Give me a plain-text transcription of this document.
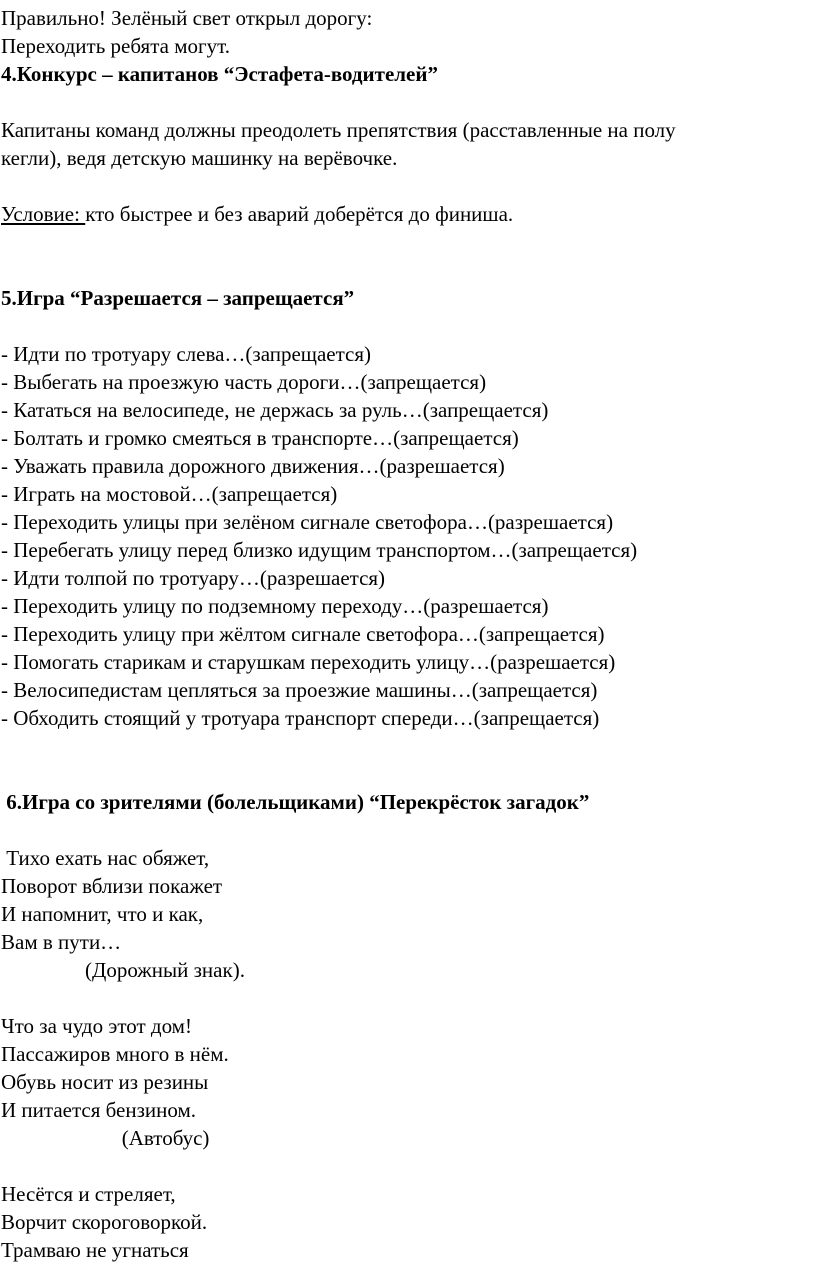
Правильно! Зелёный свет открыл дорогу:

Переходить ребята могут.

4.Конкурс – капитанов “Эстафета-водителей”

Капитаны команд должны преодолеть препятствия (расставленные на полу

кегли), ведя детскую машинку на верёвочке.

Условие: кто быстрее и без аварий доберётся до финиша.

5.Игра “Разрешается – запрещается”

- Идти по тротуару слева…(запрещается)

- Выбегать на проезжую часть дороги…(запрещается)

- Кататься на велосипеде, не держась за руль…(запрещается)

- Болтать и громко смеяться в транспорте…(запрещается)

- Уважать правила дорожного движения…(разрешается)

- Играть на мостовой…(запрещается)

- Переходить улицы при зелёном сигнале светофора…(разрешается)

- Перебегать улицу перед близко идущим транспортом…(запрещается)

- Идти толпой по тротуару…(разрешается)

- Переходить улицу по подземному переходу…(разрешается)

- Переходить улицу при жёлтом сигнале светофора…(запрещается)

- Помогать старикам и старушкам переходить улицу…(разрешается)

- Велосипедистам цепляться за проезжие машины…(запрещается)

- Обходить стоящий у тротуара транспорт спереди…(запрещается)

6.Игра со зрителями (болельщиками) “Перекрёсток загадок”

Тихо ехать нас обяжет,

Поворот вблизи покажет

И напомнит, что и как,

Вам в пути…

(Дорожный знак).

Что за чудо этот дом!

Пассажиров много в нём.

Обувь носит из резины

И питается бензином.

(Автобус)

Несётся и стреляет,

Ворчит скороговоркой.

Трамваю не угнаться
